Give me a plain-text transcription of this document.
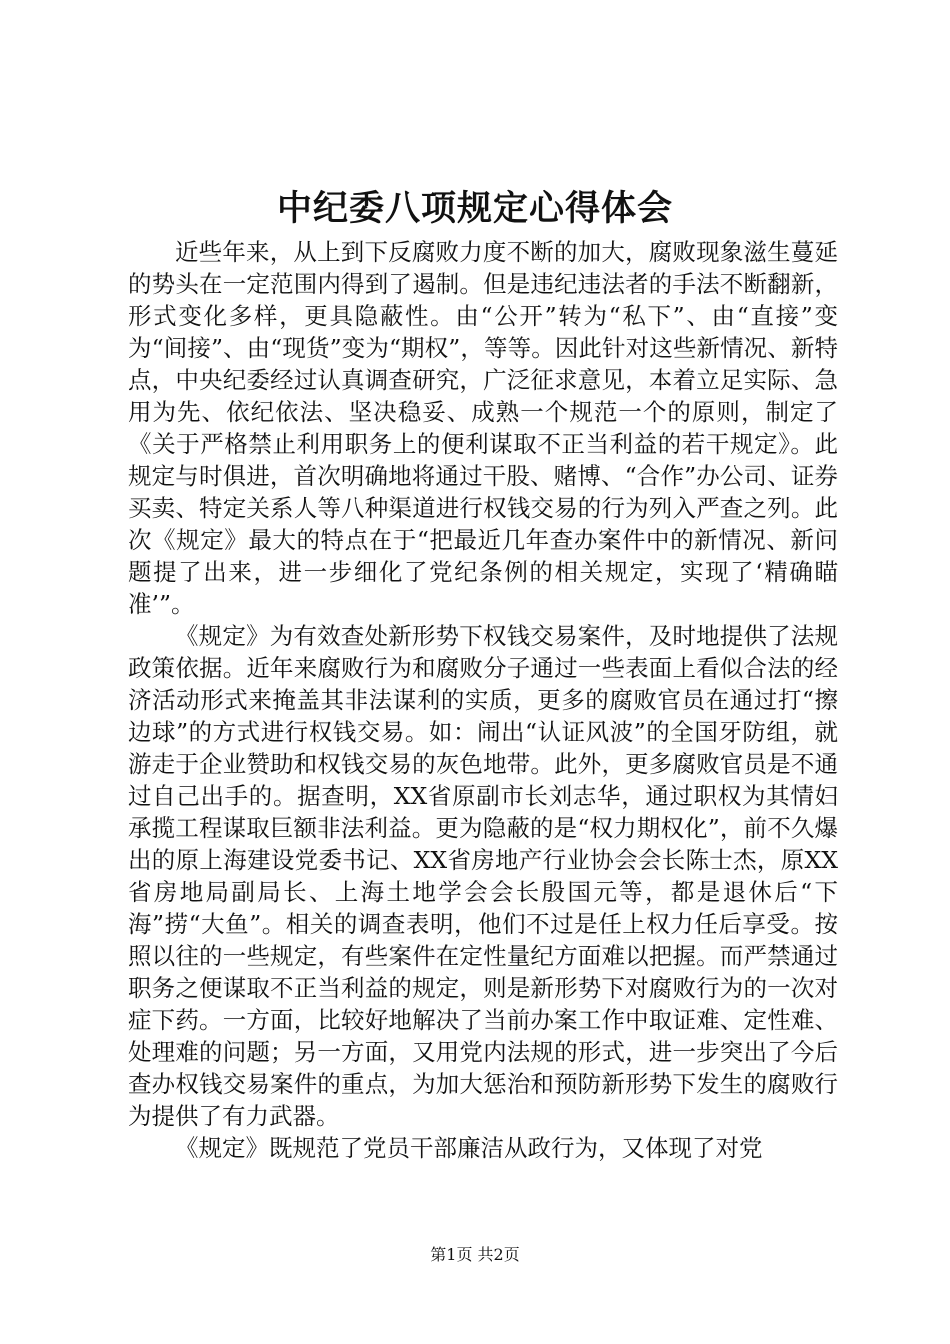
中纪委八项规定心得体会

近些年来，从上到下反腐败力度不断的加大，腐败现象滋生蔓延的势头在一定范围内得到了遏制。但是违纪违法者的手法不断翻新，形式变化多样，更具隐蔽性。由“公开”转为“私下”、由“直接”变为“间接”、由“现货”变为“期权”，等等。因此针对这些新情况、新特点，中央纪委经过认真调查研究，广泛征求意见，本着立足实际、急用为先、依纪依法、坚决稳妥、成熟一个规范一个的原则，制定了《关于严格禁止利用职务上的便利谋取不正当利益的若干规定》。此规定与时俱进，首次明确地将通过干股、赌博、“合作”办公司、证券买卖、特定关系人等八种渠道进行权钱交易的行为列入严查之列。此次《规定》最大的特点在于“把最近几年查办案件中的新情况、新问题提了出来，进一步细化了党纪条例的相关规定，实现了‘精确瞄准’”。

《规定》为有效查处新形势下权钱交易案件，及时地提供了法规政策依据。近年来腐败行为和腐败分子通过一些表面上看似合法的经济活动形式来掩盖其非法谋利的实质，更多的腐败官员在通过打“擦边球”的方式进行权钱交易。如：闹出“认证风波”的全国牙防组，就游走于企业赞助和权钱交易的灰色地带。此外，更多腐败官员是不通过自己出手的。据查明，XX省原副市长刘志华，通过职权为其情妇承揽工程谋取巨额非法利益。更为隐蔽的是“权力期权化”，前不久爆出的原上海建设党委书记、XX省房地产行业协会会长陈士杰，原XX省房地局副局长、上海土地学会会长殷国元等，都是退休后“下海”捞“大鱼”。相关的调查表明，他们不过是任上权力任后享受。按照以往的一些规定，有些案件在定性量纪方面难以把握。而严禁通过职务之便谋取不正当利益的规定，则是新形势下对腐败行为的一次对症下药。一方面，比较好地解决了当前办案工作中取证难、定性难、处理难的问题；另一方面，又用党内法规的形式，进一步突出了今后查办权钱交易案件的重点，为加大惩治和预防新形势下发生的腐败行为提供了有力武器。

《规定》既规范了党员干部廉洁从政行为，又体现了对党

第1页 共2页
